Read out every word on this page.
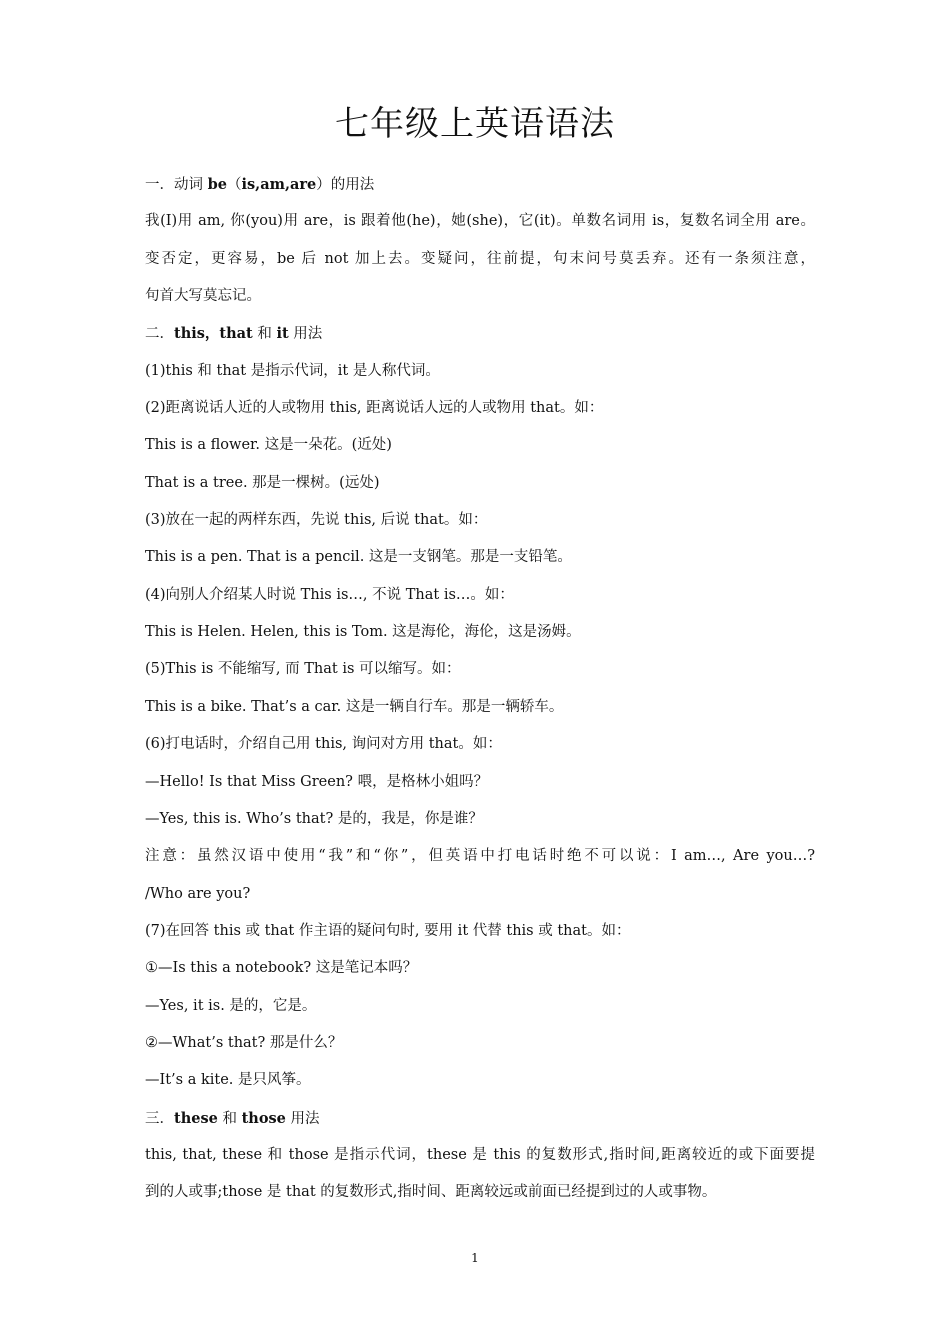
七年级上英语语法
一．动词 be（is,am,are）的用法
我(I)用 am, 你(you)用 are，is 跟着他(he)，她(she)，它(it)。单数名词用 is，复数名词全用 are。
变否定，更容易，be 后 not 加上去。变疑问，往前提，句末问号莫丢弃。还有一条须注意，
句首大写莫忘记。
二．this，that 和 it 用法
(1)this 和 that 是指示代词，it 是人称代词。
(2)距离说话人近的人或物用 this, 距离说话人远的人或物用 that。如：
This is a flower. 这是一朵花。(近处)
That is a tree. 那是一棵树。(远处)
(3)放在一起的两样东西，先说 this, 后说 that。如：
This is a pen. That is a pencil. 这是一支钢笔。那是一支铅笔。
(4)向别人介绍某人时说 This is…, 不说 That is…。如：
This is Helen. Helen, this is Tom. 这是海伦，海伦，这是汤姆。
(5)This is 不能缩写, 而 That is 可以缩写。如：
This is a bike. That’s a car. 这是一辆自行车。那是一辆轿车。
(6)打电话时，介绍自己用 this, 询问对方用 that。如：
—Hello! Is that Miss Green? 喂，是格林小姐吗？
—Yes, this is. Who’s that? 是的，我是，你是谁？
注意：虽然汉语中使用“我”和“你”，但英语中打电话时绝不可以说：I am…, Are you…?
/Who are you?
(7)在回答 this 或 that 作主语的疑问句时, 要用 it 代替 this 或 that。如：
①—Is this a notebook? 这是笔记本吗？
—Yes, it is. 是的，它是。
②—What’s that? 那是什么？
—It’s a kite. 是只风筝。
三．these 和 those 用法
this, that, these 和 those 是指示代词，these 是 this 的复数形式,指时间,距离较近的或下面要提
到的人或事;those 是 that 的复数形式,指时间、距离较远或前面已经提到过的人或事物。
1
